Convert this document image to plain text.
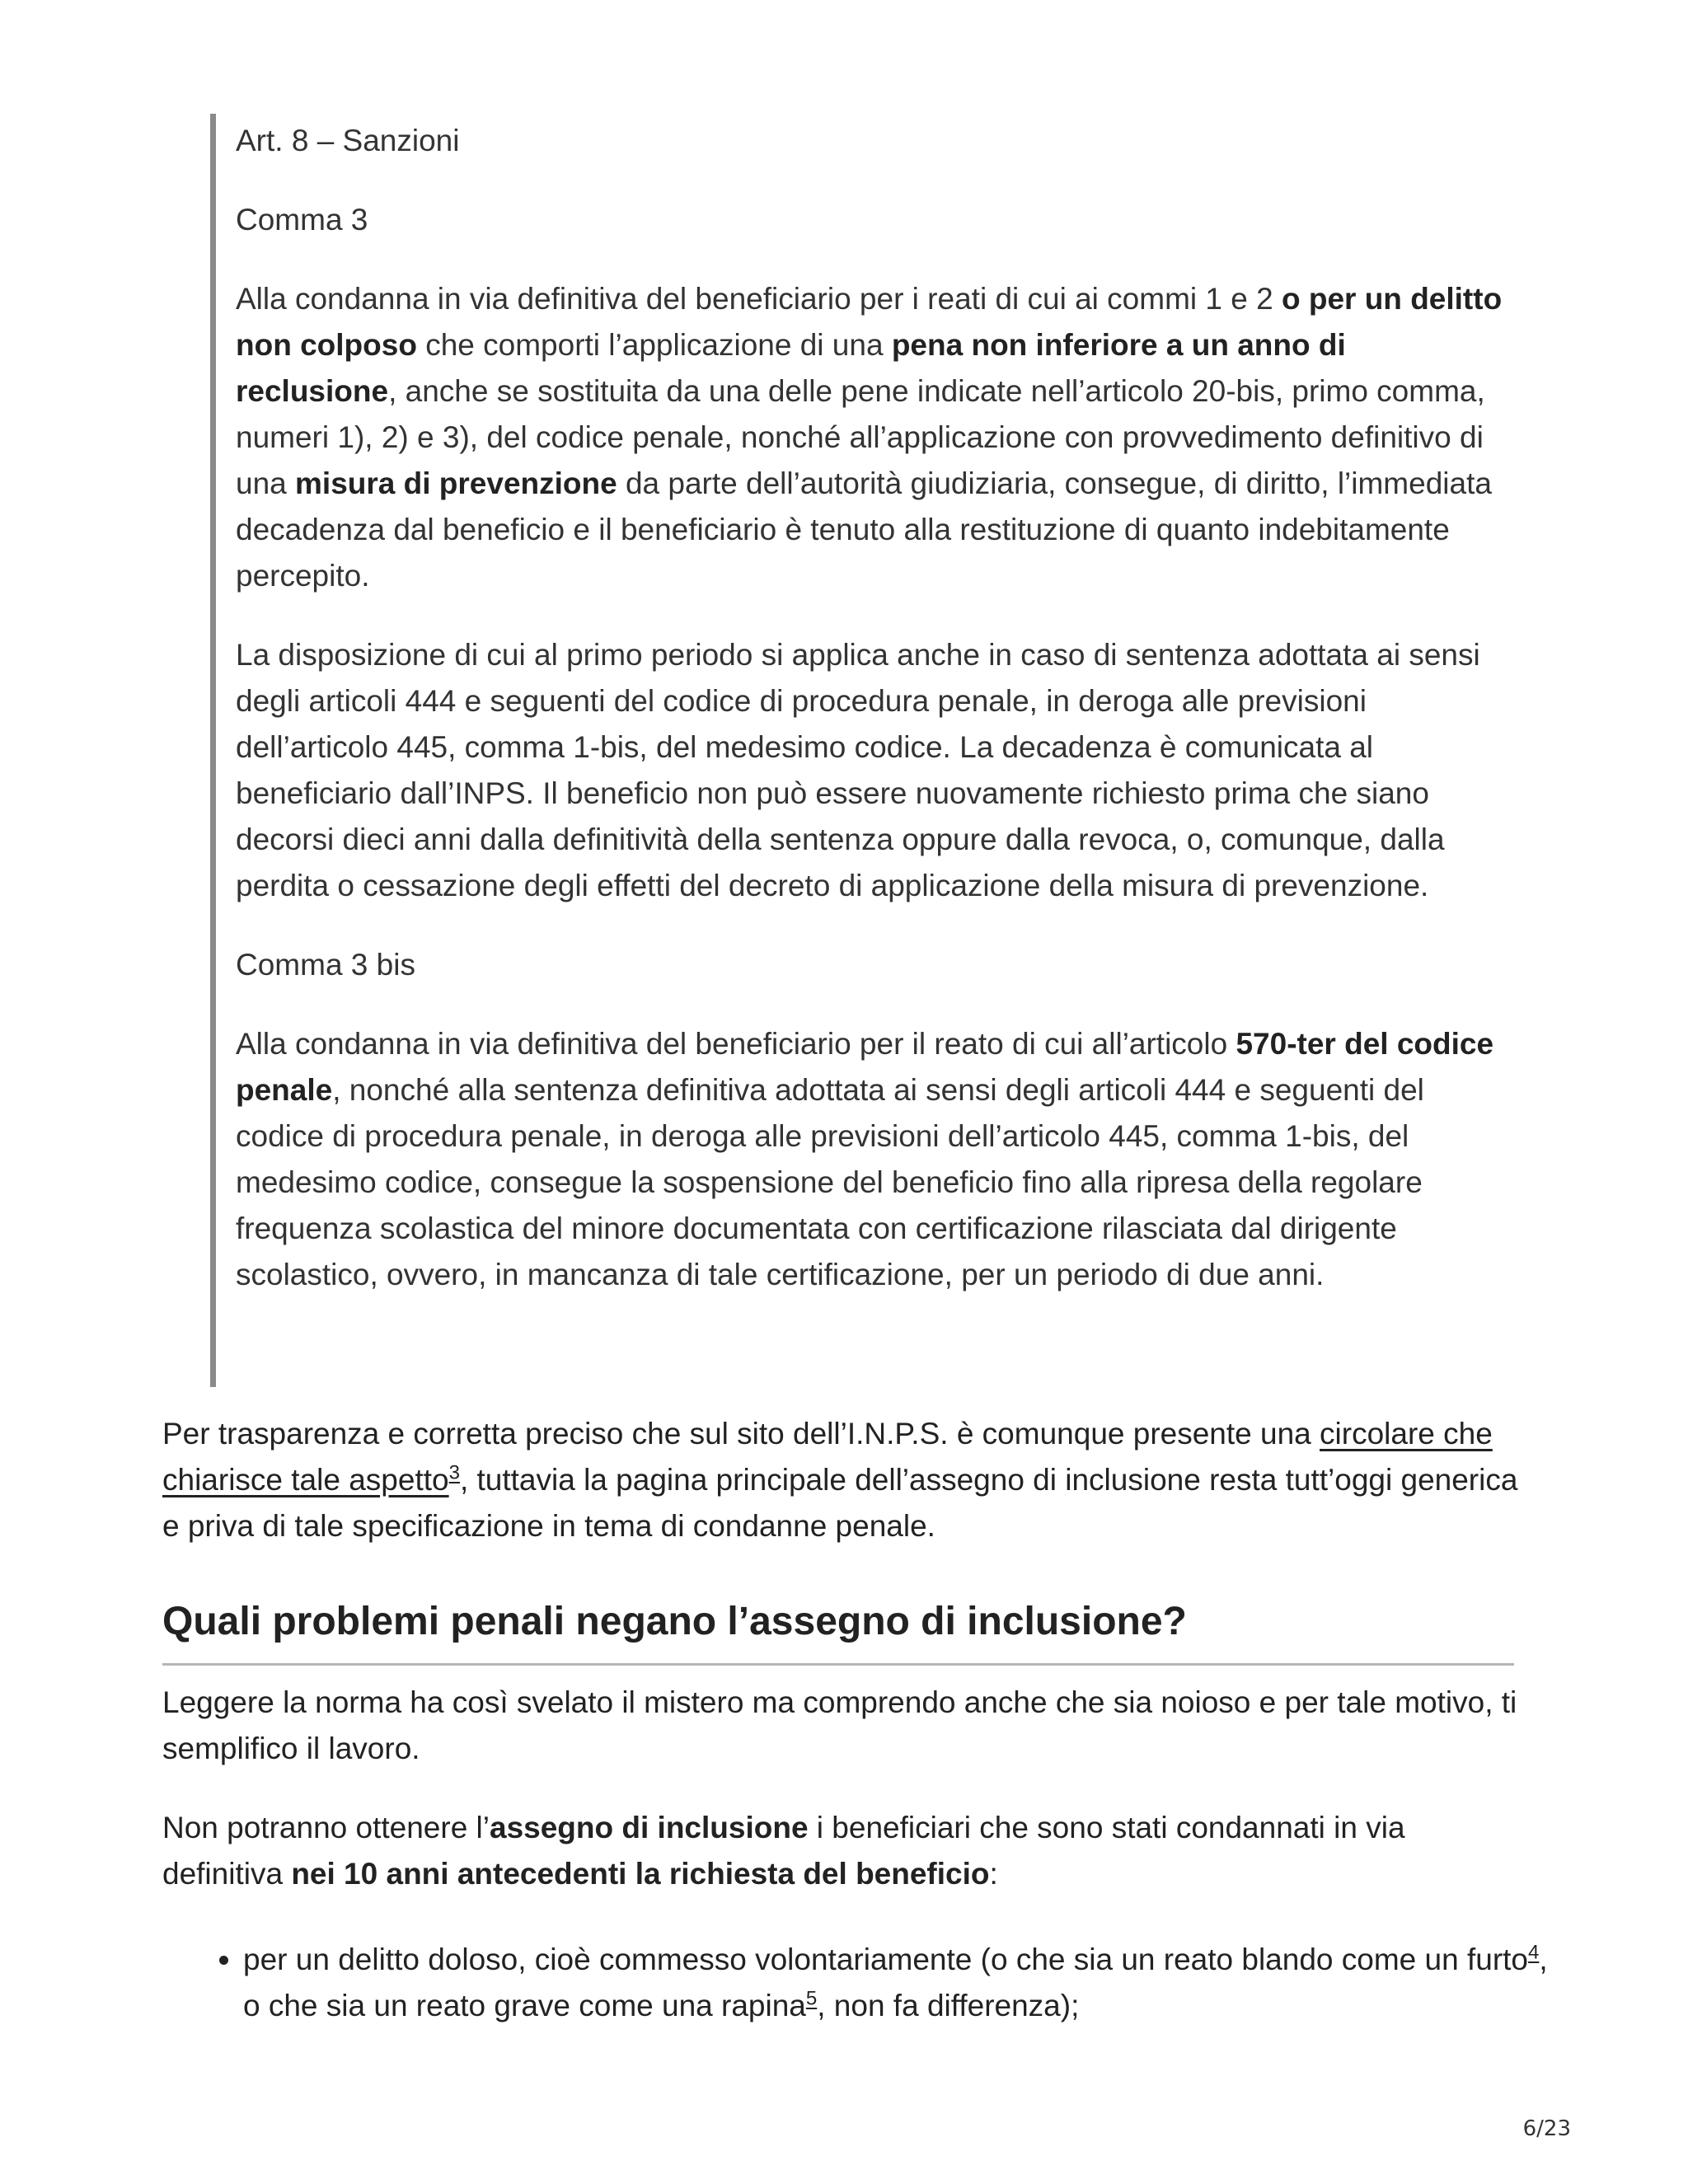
Art. 8 – Sanzioni

Comma 3

Alla condanna in via definitiva del beneficiario per i reati di cui ai commi 1 e 2 o per un delitto non colposo che comporti l’applicazione di una pena non inferiore a un anno di reclusione, anche se sostituita da una delle pene indicate nell’articolo 20-bis, primo comma, numeri 1), 2) e 3), del codice penale, nonché all’applicazione con provvedimento definitivo di una misura di prevenzione da parte dell’autorità giudiziaria, consegue, di diritto, l’immediata decadenza dal beneficio e il beneficiario è tenuto alla restituzione di quanto indebitamente percepito.

La disposizione di cui al primo periodo si applica anche in caso di sentenza adottata ai sensi degli articoli 444 e seguenti del codice di procedura penale, in deroga alle previsioni dell’articolo 445, comma 1-bis, del medesimo codice. La decadenza è comunicata al beneficiario dall’INPS. Il beneficio non può essere nuovamente richiesto prima che siano decorsi dieci anni dalla definitività della sentenza oppure dalla revoca, o, comunque, dalla perdita o cessazione degli effetti del decreto di applicazione della misura di prevenzione.

Comma 3 bis

Alla condanna in via definitiva del beneficiario per il reato di cui all’articolo 570-ter del codice penale, nonché alla sentenza definitiva adottata ai sensi degli articoli 444 e seguenti del codice di procedura penale, in deroga alle previsioni dell’articolo 445, comma 1-bis, del medesimo codice, consegue la sospensione del beneficio fino alla ripresa della regolare frequenza scolastica del minore documentata con certificazione rilasciata dal dirigente scolastico, ovvero, in mancanza di tale certificazione, per un periodo di due anni.

Per trasparenza e corretta preciso che sul sito dell’I.N.P.S. è comunque presente una circolare che chiarisce tale aspetto$^3$, tuttavia la pagina principale dell’assegno di inclusione resta tutt’oggi generica e priva di tale specificazione in tema di condanne penale.

Quali problemi penali negano l’assegno di inclusione?

Leggere la norma ha così svelato il mistero ma comprendo anche che sia noioso e per tale motivo, ti semplifico il lavoro.

Non potranno ottenere l’assegno di inclusione i beneficiari che sono stati condannati in via definitiva nei 10 anni antecedenti la richiesta del beneficio:

• per un delitto doloso, cioè commesso volontariamente (o che sia un reato blando come un furto$^4$, o che sia un reato grave come una rapina$^5$, non fa differenza);
6/23
